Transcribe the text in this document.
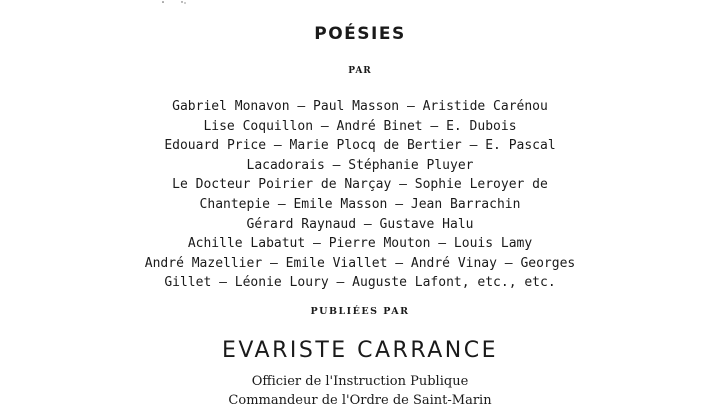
POÉSIES
PAR
Gabriel Monavon — Paul Masson — Aristide Carénou
Lise Coquillon — André Binet — E. Dubois
Edouard Price — Marie Plocq de Bertier — E. Pascal
Lacadorais — Stéphanie Pluyer
Le Docteur Poirier de Narçay — Sophie Leroyer de
Chantepie — Emile Masson — Jean Barrachin
Gérard Raynaud — Gustave Halu
Achille Labatut — Pierre Mouton — Louis Lamy
André Mazellier — Emile Viallet — André Vinay — Georges
Gillet — Léonie Loury — Auguste Lafont, etc., etc.
PUBLIÉES PAR
EVARISTE CARRANCE
Officier de l'Instruction Publique
Commandeur de l'Ordre de Saint-Marin
